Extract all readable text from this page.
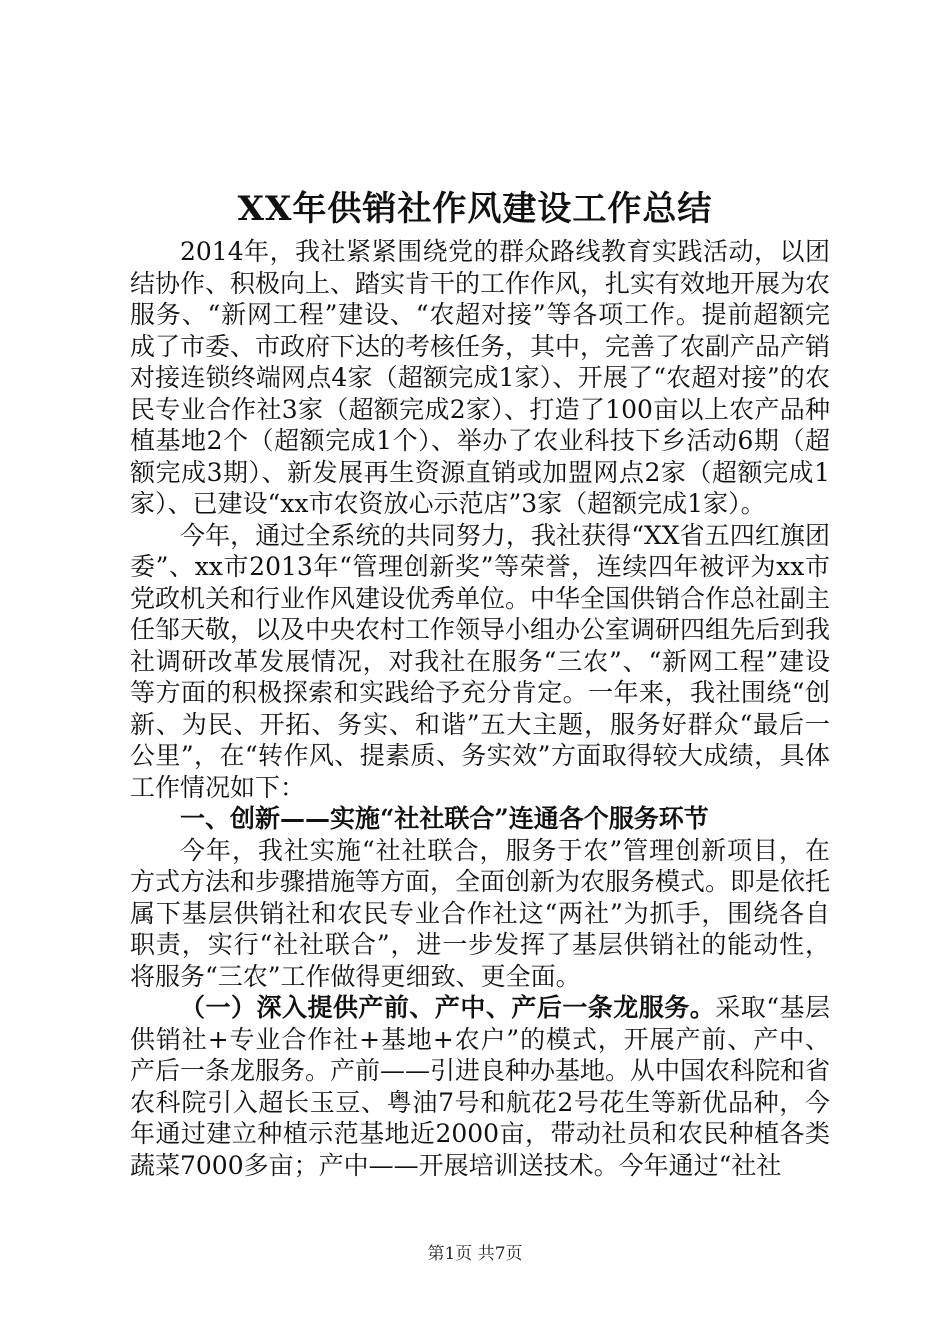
XX年供销社作风建设工作总结

2014年，我社紧紧围绕党的群众路线教育实践活动，以团结协作、积极向上、踏实肯干的工作作风，扎实有效地开展为农服务、“新网工程”建设、“农超对接”等各项工作。提前超额完成了市委、市政府下达的考核任务，其中，完善了农副产品产销对接连锁终端网点4家（超额完成1家）、开展了“农超对接”的农民专业合作社3家（超额完成2家）、打造了100亩以上农产品种植基地2个（超额完成1个）、举办了农业科技下乡活动6期（超额完成3期）、新发展再生资源直销或加盟网点2家（超额完成1家）、已建设“xx市农资放心示范店”3家（超额完成1家）。

今年，通过全系统的共同努力，我社获得“XX省五四红旗团委”、xx市2013年“管理创新奖”等荣誉，连续四年被评为xx市党政机关和行业作风建设优秀单位。中华全国供销合作总社副主任邹天敬，以及中央农村工作领导小组办公室调研四组先后到我社调研改革发展情况，对我社在服务“三农”、“新网工程”建设等方面的积极探索和实践给予充分肯定。一年来，我社围绕“创新、为民、开拓、务实、和谐”五大主题，服务好群众“最后一公里”，在“转作风、提素质、务实效”方面取得较大成绩，具体工作情况如下：

一、创新——实施“社社联合”连通各个服务环节

今年，我社实施“社社联合，服务于农”管理创新项目，在方式方法和步骤措施等方面，全面创新为农服务模式。即是依托属下基层供销社和农民专业合作社这“两社”为抓手，围绕各自职责，实行“社社联合”，进一步发挥了基层供销社的能动性，将服务“三农”工作做得更细致、更全面。

（一）深入提供产前、产中、产后一条龙服务。采取“基层供销社+专业合作社+基地+农户”的模式，开展产前、产中、产后一条龙服务。产前——引进良种办基地。从中国农科院和省农科院引入超长玉豆、粤油7号和航花2号花生等新优品种，今年通过建立种植示范基地近2000亩，带动社员和农民种植各类蔬菜7000多亩；产中——开展培训送技术。今年通过“社社

第1页 共7页
